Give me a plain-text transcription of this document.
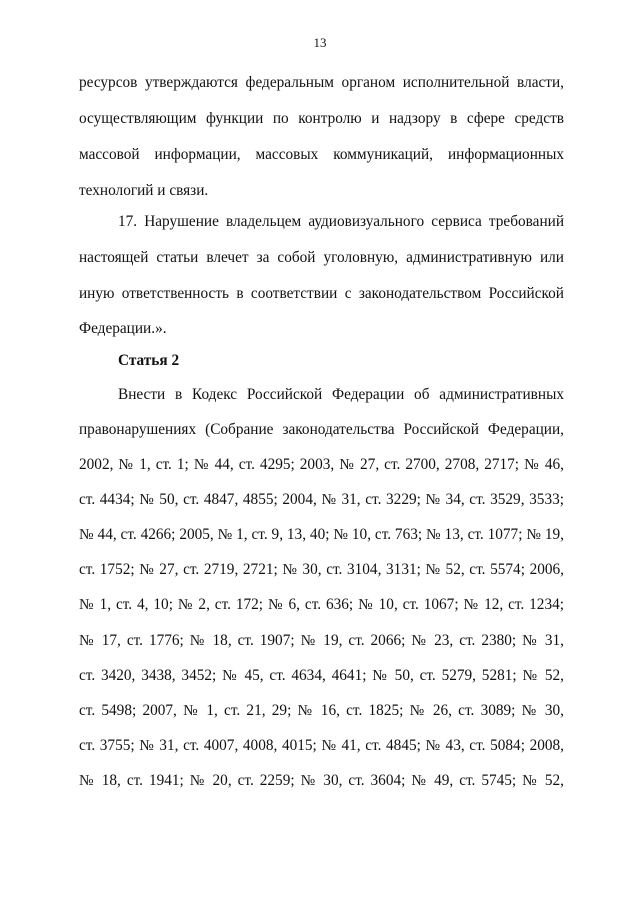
13
ресурсов утверждаются федеральным органом исполнительной власти,
осуществляющим функции по контролю и надзору в сфере средств
массовой информации, массовых коммуникаций, информационных
технологий и связи.
17. Нарушение владельцем аудиовизуального сервиса требований
настоящей статьи влечет за собой уголовную, административную или
иную ответственность в соответствии с законодательством Российской
Федерации.».
Статья 2
Внести в Кодекс Российской Федерации об административных
правонарушениях (Собрание законодательства Российской Федерации,
2002, № 1, ст. 1; № 44, ст. 4295; 2003, № 27, ст. 2700, 2708, 2717; № 46,
ст. 4434; № 50, ст. 4847, 4855; 2004, № 31, ст. 3229; № 34, ст. 3529, 3533;
№ 44, ст. 4266; 2005, № 1, ст. 9, 13, 40; № 10, ст. 763; № 13, ст. 1077; № 19,
ст. 1752; № 27, ст. 2719, 2721; № 30, ст. 3104, 3131; № 52, ст. 5574; 2006,
№ 1, ст. 4, 10; № 2, ст. 172; № 6, ст. 636; № 10, ст. 1067; № 12, ст. 1234;
№ 17, ст. 1776; № 18, ст. 1907; № 19, ст. 2066; № 23, ст. 2380; № 31,
ст. 3420, 3438, 3452; № 45, ст. 4634, 4641; № 50, ст. 5279, 5281; № 52,
ст. 5498; 2007, № 1, ст. 21, 29; № 16, ст. 1825; № 26, ст. 3089; № 30,
ст. 3755; № 31, ст. 4007, 4008, 4015; № 41, ст. 4845; № 43, ст. 5084; 2008,
№ 18, ст. 1941; № 20, ст. 2259; № 30, ст. 3604; № 49, ст. 5745; № 52,
